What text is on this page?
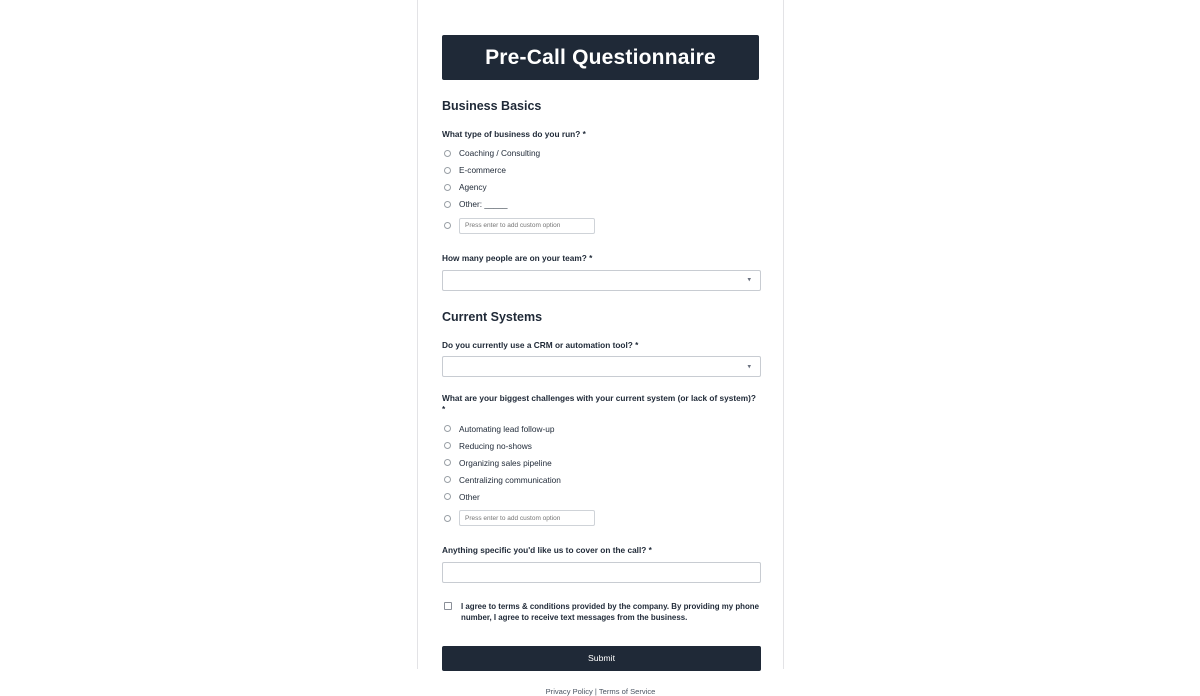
Pre-Call Questionnaire
Business Basics
What type of business do you run? *
Coaching / Consulting
E-commerce
Agency
Other: _____
Press enter to add custom option
How many people are on your team? *
▾
Current Systems
Do you currently use a CRM or automation tool? *
▾
What are your biggest challenges with your current system (or lack of system)? *
Automating lead follow-up
Reducing no-shows
Organizing sales pipeline
Centralizing communication
Other
Press enter to add custom option
Anything specific you'd like us to cover on the call? *
I agree to terms & conditions provided by the company. By providing my phone number, I agree to receive text messages from the business.
Submit
Privacy Policy | Terms of Service
